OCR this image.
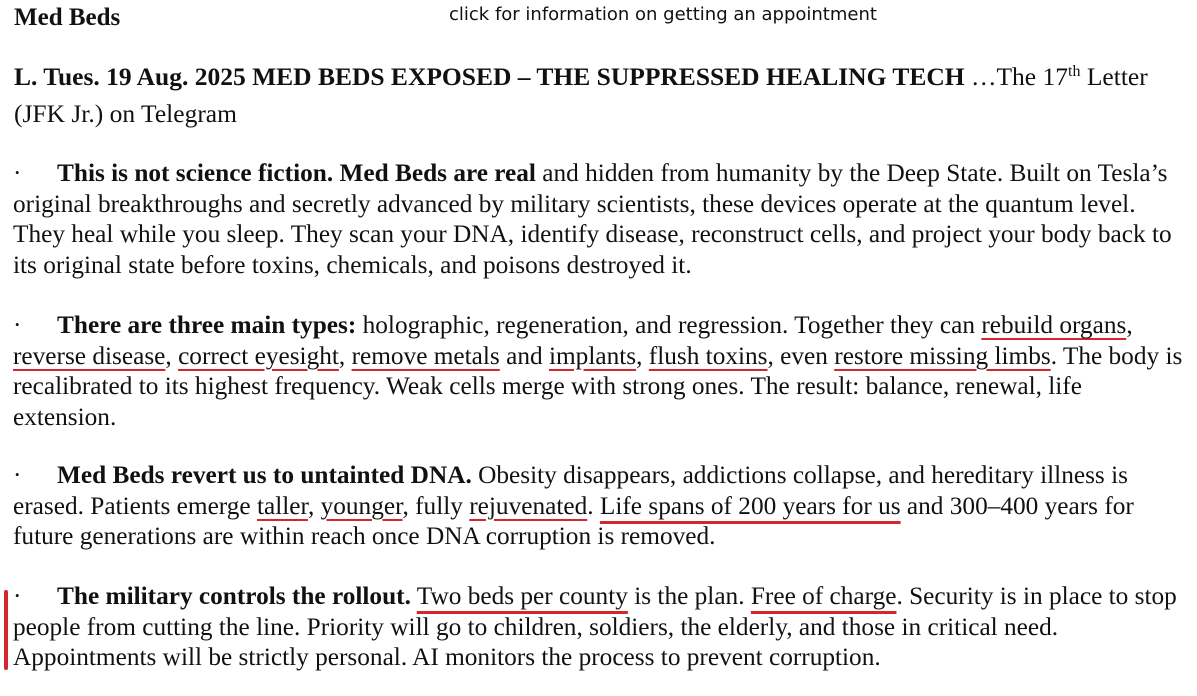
Med Beds	click for information on getting an appointment

L. Tues. 19 Aug. 2025 MED BEDS EXPOSED – THE SUPPRESSED HEALING TECH …The 17th Letter (JFK Jr.) on Telegram

· This is not science fiction. Med Beds are real and hidden from humanity by the Deep State. Built on Tesla’s original breakthroughs and secretly advanced by military scientists, these devices operate at the quantum level. They heal while you sleep. They scan your DNA, identify disease, reconstruct cells, and project your body back to its original state before toxins, chemicals, and poisons destroyed it.

· There are three main types: holographic, regeneration, and regression. Together they can rebuild organs, reverse disease, correct eyesight, remove metals and implants, flush toxins, even restore missing limbs. The body is recalibrated to its highest frequency. Weak cells merge with strong ones. The result: balance, renewal, life extension.

· Med Beds revert us to untainted DNA. Obesity disappears, addictions collapse, and hereditary illness is erased. Patients emerge taller, younger, fully rejuvenated. Life spans of 200 years for us and 300–400 years for future generations are within reach once DNA corruption is removed.

· The military controls the rollout. Two beds per county is the plan. Free of charge. Security is in place to stop people from cutting the line. Priority will go to children, soldiers, the elderly, and those in critical need. Appointments will be strictly personal. AI monitors the process to prevent corruption.
